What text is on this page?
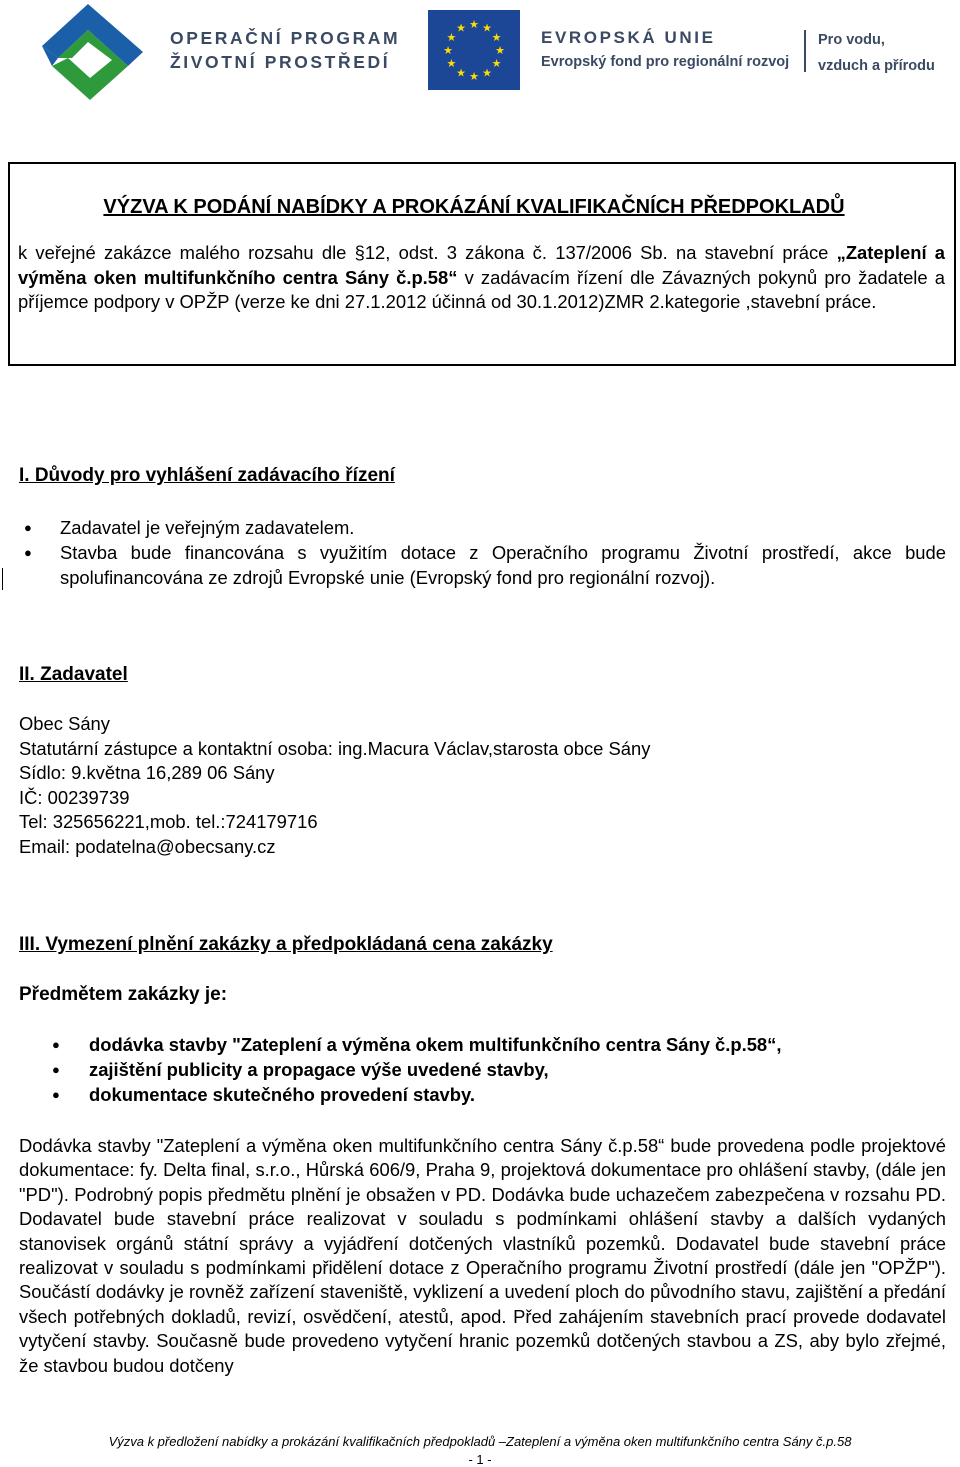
OPERAČNÍ PROGRAM
ŽIVOTNÍ PROSTŘEDÍ
★
★
★
★
★
★
★
★
★ ★ ★
★ EVROPSKÁ UNIE
Evropský fond pro regionální rozvoj
Pro vodu,
vzduch a přírodu
VÝZVA K PODÁNÍ NABÍDKY A PROKÁZÁNÍ KVALIFIKAČNÍCH PŘEDPOKLADŮ
k veřejné zakázce malého rozsahu dle §12, odst. 3 zákona č. 137/2006 Sb. na stavební práce „Zateplení a výměna oken multifunkčního centra Sány č.p.58“ v zadávacím řízení dle Závazných pokynů pro žadatele a příjemce podpory v OPŽP (verze ke dni 27.1.2012 účinná od 30.1.2012)ZMR 2.kategorie ,stavební práce.
I. Důvody pro vyhlášení zadávacího řízení
● Zadavatel je veřejným zadavatelem.
● Stavba bude financována s využitím dotace z Operačního programu Životní prostředí, akce bude spolufinancována ze zdrojů Evropské unie (Evropský fond pro regionální rozvoj).
II. Zadavatel
Obec Sány
Statutární zástupce a kontaktní osoba: ing.Macura Václav,starosta obce Sány
Sídlo: 9.května 16,289 06 Sány
IČ: 00239739
Tel: 325656221,mob. tel.:724179716
Email: podatelna@obecsany.cz
III. Vymezení plnění zakázky a předpokládaná cena zakázky
Předmětem zakázky je:
● dodávka stavby "Zateplení a výměna okem multifunkčního centra Sány č.p.58“,
● zajištění publicity a propagace výše uvedené stavby,
● dokumentace skutečného provedení stavby.
Dodávka stavby "Zateplení a výměna oken multifunkčního centra Sány č.p.58“ bude provedena podle projektové dokumentace: fy. Delta final, s.r.o., Hůrská 606/9, Praha 9, projektová dokumentace pro ohlášení stavby, (dále jen "PD"). Podrobný popis předmětu plnění je obsažen v PD. Dodávka bude uchazečem zabezpečena v rozsahu PD. Dodavatel bude stavební práce realizovat v souladu s podmínkami ohlášení stavby a dalších vydaných stanovisek orgánů státní správy a vyjádření dotčených vlastníků pozemků. Dodavatel bude stavební práce realizovat v souladu s podmínkami přidělení dotace z Operačního programu Životní prostředí (dále jen "OPŽP"). Součástí dodávky je rovněž zařízení staveniště, vyklizení a uvedení ploch do původního stavu, zajištění a předání všech potřebných dokladů, revizí, osvědčení, atestů, apod. Před zahájením stavebních prací provede dodavatel vytyčení stavby. Současně bude provedeno vytyčení hranic pozemků dotčených stavbou a ZS, aby bylo zřejmé, že stavbou budou dotčeny
Výzva k předložení nabídky a prokázání kvalifikačních předpokladů –Zateplení a výměna oken multifunkčního centra Sány č.p.58
- 1 -
